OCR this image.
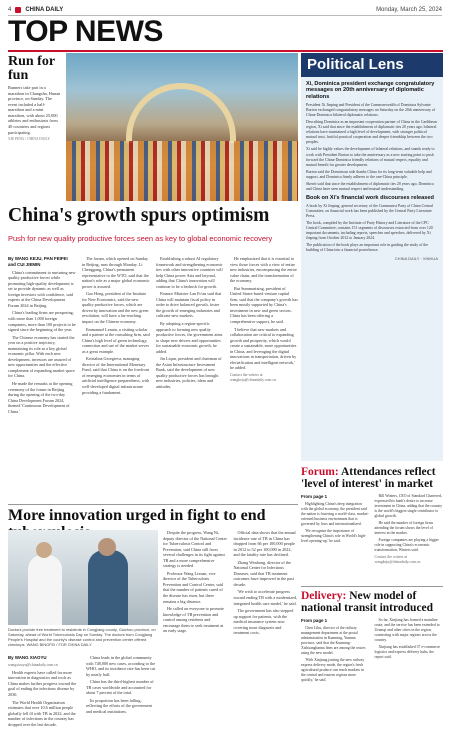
4 CHINA DAILY	Monday, March 25, 2024
TOP NEWS
Run for fun

Runners take part in a marathon in Changsha, Hunan province, on Sunday. The event included a half-marathon and a mini marathon, with about 25,000 athletes and enthusiasts from 40 countries and regions participating.

XIE PENG / CHINA DAILY

Political Lens
Xi, Dominica president exchange congratulatory messages on 20th anniversary of diplomatic relations

President Xi Jinping and President of the Commonwealth of Dominica Sylvanie Burton exchanged congratulatory messages on Saturday on the 20th anniversary of China-Dominica bilateral diplomatic relations.

Describing Dominica as an important cooperation partner of China in the Caribbean region, Xi said that since the establishment of diplomatic ties 20 years ago, bilateral relations have maintained a high level of development, with stronger political mutual trust, fruitful practical cooperation and deeper friendship between the two peoples.

Xi said he highly values the development of bilateral relations, and stands ready to work with President Burton to take the anniversary as a new starting point to push forward the China-Dominica friendly relations of mutual respect, equality and mutual benefit for greater development.

Burton said the Dominican side thanks China for its long-term valuable help and support, and Dominica firmly adheres to the one-China principle.

Skerrit said that since the establishment of diplomatic ties 20 years ago, Dominica and China have seen mutual respect and mutual understanding.

Book on Xi's financial work discourses released

A book by Xi Jinping, general secretary of the Communist Party of China Central Committee, on financial work has been published by the Central Party Literature Press.

The book, compiled by the Institute of Party History and Literature of the CPC Central Committee, contains 151 segments of discourses extracted from over 120 important documents, including reports, speeches and speeches, delivered by Xi Jinping from October 2012 to January 2024.

The publication of the book plays an important role in guiding the study of the building of China into a financial powerhouse.

CHINA DAILY · XINHUA
China's growth spurs optimism
Push for new quality productive forces seen as key to global economic recovery

By WANG KEJU, PAN FEIFEI and CUI JIEMIN

China's commitment to nurturing new quality productive forces while promoting high-quality development is set to provide dynamic as well as foreign investors with confidence, said experts at the China Development Forum 2024 in Beijing.

China's leading firms are prospering, with more than 1,000 foreign companies, more than 100 projects to be signed since the beginning of the year.

The Chinese economy has started the year on a positive trajectory, maintaining its role as a key global economic pillar. With each new development, investors are assured of new opportunities and the effective complement of expanding market space for China.

He made the remarks at the opening ceremony of the forum in Beijing during the opening of the two-day China Development Forum 2024, themed 'Continuous Development of China.'

The forum, which opened on Sunday in Beijing, runs through Monday. Li Chenggang, China's permanent representative to the WTO, said that the nation's role as a major global economic power is assured.

Gao Hong, president of the Institute for New Economics, said the new quality productive forces, which are driven by innovation and the new green revolution, will have a far-reaching impact on the Chinese economy.

Emmanuel Lenain, a visiting scholar and a partner at the consulting firm, said China's high level of green technology, connection and use of the market serves as a great example.

Kristalina Georgieva, managing director of the International Monetary Fund, said that China is on the forefront of emerging economies in terms of artificial intelligence preparedness, with well-developed digital infrastructure providing a fundament.

Establishing a robust AI regulatory framework and strengthening economic ties with other innovative countries will help China power Asia and beyond, adding that China's innovation will continue to be a bedrock for growth.

Finance Minister Lan Fo'an said that China will maintain fiscal policy in order to drive balanced growth, foster the growth of emerging industries and cultivate new markets.

By adopting a region-specific approach to forming new quality productive forces, the government aims to shape new drivers and opportunities for sustainable economic growth, he added.

Jin Liqun, president and chairman of the Asian Infrastructure Investment Bank, said the development of new quality productive forces has brought new industries, policies, ideas and attitudes.

He emphasized that it is essential to view those forces with a view of entire new industries, encompassing the entire value chain, and the transformation of the economy.

But Summarizing, president of United States-based venture capital firm, said that the company's growth has been mostly supported by China's investment in new and green sectors. China has been offering a comprehensive support, he said.

'I believe that new markets and collaboration are critical to expanding growth and prosperity, which would create a sustainable, more opportunities in China, and leveraging the digital innovations in transportation, driven by electrification and intelligent network,' he added.

Contact the writers at wangkeju@chinadaily.com.cn

More innovation urged in fight to end
Doctors provide free treatment to residents in Congjiang county, Guizhou province, on Saturday, ahead of World Tuberculosis Day on Sunday. The doctors from Congjiang People's Hospital and the county's disease control and prevention center offered checkups. WANG BINGFEI / FOR CHINA DAILY

By WANG XIAOYU

wangxiaoyu@chinadaily.com.cn

Health experts have called for more innovation in diagnostics and tools as China makes further progress toward the goal of ending the infectious disease by 2030.

The World Health Organization estimates that over 10.6 million people globally fell ill with TB in 2022, and the number of infections in the country has dropped over the last decade.

China leads in the global community with 748,000 new cases, according to the WHO, and its incidence rate has been cut by nearly half.

China has the third-highest number of TB cases worldwide and accounted for about 7 percent of the total.

Its proportion has been falling, reflecting the efforts of the government and medical institutions.

Despite the progress, Wang Ni, deputy director of the National Center for Tuberculosis Control and Prevention, said China still faces several challenges in its fight against TB and a more comprehensive strategy is needed.

Professor Wang Lixuan, vice director of the Tuberculosis Prevention and Control Center, said that the number of patients cured of the disease has risen, but there remains a big distance.

He called on everyone to promote knowledge of TB prevention and control among residents and encourage them to seek treatment at an early stage.

Official data shows that the annual incidence rate of TB in China has dropped from 66 per 100,000 people in 2012 to 52 per 100,000 in 2022, and the fatality rate has declined.

Zhang Wenhong, director of the National Center for Infectious Diseases, said that TB treatment outcomes have improved in the past decade.

'We wish to accelerate progress toward ending TB with a modernized, integrated health care model,' he said.

The government has also stepped up support for patients, with the medical insurance system now covering most diagnosis and treatment costs.

Forum: Attendances reflect 'level of interest' in market

From page 1

Highlighting China's deep integration with the global economy, the president said the nation is fostering a world-class, market-oriented business environment that is governed by laws and internationalized.

'We recognize the importance of strengthening China's role in World's high-level opening-up,' he said.

Bill Winters, CEO of Standard Chartered, expressed his bank's desire to increase investment in China, adding that the country is the world's biggest single contributor to global growth.

He said the number of foreign firms attending the forum shows the level of interest in the market.

Foreign companies are playing a bigger role in supporting China's economic transformation, Winters said.

Contact the writers at wangkeju@chinadaily.com.cn

Delivery: New model of national transit introduced

From page 1

Chen Lihu, director of the railway management department at the postal administration in Kunming, Yunnan province, said that the Kunming-Xishuangbanna lines are among the routes using the new model.

'With Xinjiang joining the new railway express delivery mode, the region's fresh agricultural produce can reach markets in the central and eastern regions more quickly,' he said.

So far, Xinjiang has formed a mainline route, and the service has been extended to Urumqi and other cities in the region, connecting with major regions across the country.

Xinjiang has established 37 e-commerce logistics and express delivery hubs, the report said.
